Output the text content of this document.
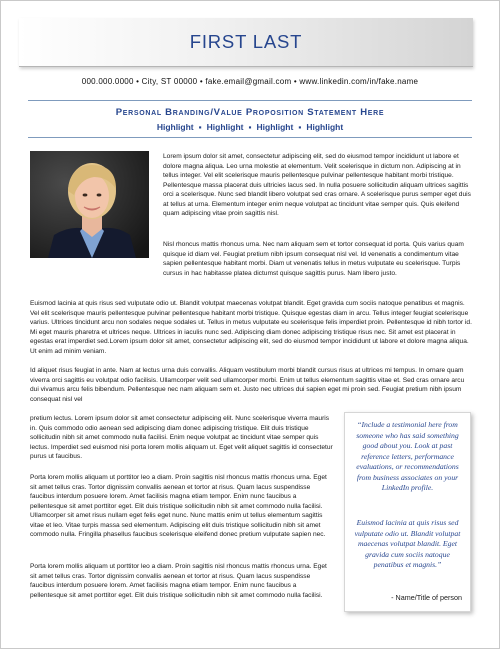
FIRST LAST
000.000.0000 • City, ST 00000 • fake.email@gmail.com • www.linkedin.com/in/fake.name
Personal Branding/Value Proposition Statement Here
Highlight ▪ Highlight ▪ Highlight ▪ Highlight

Lorem ipsum dolor sit amet, consectetur adipiscing elit, sed do eiusmod tempor incididunt ut labore et dolore magna aliqua. Leo urna molestie at elementum. Velit scelerisque in dictum non. Adipiscing at in tellus integer. Vel elit scelerisque mauris pellentesque pulvinar pellentesque habitant morbi tristique. Pellentesque massa placerat duis ultricies lacus sed. In nulla posuere sollicitudin aliquam ultrices sagittis orci a scelerisque. Nunc sed blandit libero volutpat sed cras ornare. A scelerisque purus semper eget duis at tellus at urna. Elementum integer enim neque volutpat ac tincidunt vitae semper quis. Quis eleifend quam adipiscing vitae proin sagittis nisl.

Nisl rhoncus mattis rhoncus urna. Nec nam aliquam sem et tortor consequat id porta. Quis varius quam quisque id diam vel. Feugiat pretium nibh ipsum consequat nisl vel. Id venenatis a condimentum vitae sapien pellentesque habitant morbi. Diam ut venenatis tellus in metus vulputate eu scelerisque. Turpis cursus in hac habitasse platea dictumst quisque sagittis purus. Nam libero justo.

Euismod lacinia at quis risus sed vulputate odio ut. Blandit volutpat maecenas volutpat blandit. Eget gravida cum sociis natoque penatibus et magnis. Vel elit scelerisque mauris pellentesque pulvinar pellentesque habitant morbi tristique. Quisque egestas diam in arcu. Tellus integer feugiat scelerisque varius. Ultrices tincidunt arcu non sodales neque sodales ut. Tellus in metus vulputate eu scelerisque felis imperdiet proin. Pellentesque id nibh tortor id. Mi eget mauris pharetra et ultrices neque. Ultrices in iaculis nunc sed. Adipiscing diam donec adipiscing tristique risus nec. Sit amet est placerat in egestas erat imperdiet sed.Lorem ipsum dolor sit amet, consectetur adipiscing elit, sed do eiusmod tempor incididunt ut labore et dolore magna aliqua. Ut enim ad minim veniam.

Id aliquet risus feugiat in ante. Nam at lectus urna duis convallis. Aliquam vestibulum morbi blandit cursus risus at ultrices mi tempus. In ornare quam viverra orci sagittis eu volutpat odio facilisis. Ullamcorper velit sed ullamcorper morbi. Enim ut tellus elementum sagittis vitae et. Sed cras ornare arcu dui vivamus arcu felis bibendum. Pellentesque nec nam aliquam sem et. Justo nec ultrices dui sapien eget mi proin sed. Feugiat pretium nibh ipsum consequat nisl vel

pretium lectus. Lorem ipsum dolor sit amet consectetur adipiscing elit. Nunc scelerisque viverra mauris in. Quis commodo odio aenean sed adipiscing diam donec adipiscing tristique. Elit duis tristique sollicitudin nibh sit amet commodo nulla facilisi. Enim neque volutpat ac tincidunt vitae semper quis lectus. Imperdiet sed euismod nisi porta lorem mollis aliquam ut. Eget velit aliquet sagittis id consectetur purus ut faucibus.

Porta lorem mollis aliquam ut porttitor leo a diam. Proin sagittis nisl rhoncus mattis rhoncus urna. Eget sit amet tellus cras. Tortor dignissim convallis aenean et tortor at risus. Quam lacus suspendisse faucibus interdum posuere lorem. Amet facilisis magna etiam tempor. Enim nunc faucibus a pellentesque sit amet porttitor eget. Elit duis tristique sollicitudin nibh sit amet commodo nulla facilisi. Ullamcorper sit amet risus nullam eget felis eget nunc. Nunc mattis enim ut tellus elementum sagittis vitae et leo. Vitae turpis massa sed elementum. Adipiscing elit duis tristique sollicitudin nibh sit amet commodo nulla. Fringilla phasellus faucibus scelerisque eleifend donec pretium vulputate sapien nec.

Porta lorem mollis aliquam ut porttitor leo a diam. Proin sagittis nisl rhoncus mattis rhoncus urna. Eget sit amet tellus cras. Tortor dignissim convallis aenean et tortor at risus. Quam lacus suspendisse faucibus interdum posuere lorem. Amet facilisis magna etiam tempor. Enim nunc faucibus a pellentesque sit amet porttitor eget. Elit duis tristique sollicitudin nibh sit amet commodo nulla facilisi.

“Include a testimonial here from someone who has said something good about you. Look at past reference letters, performance evaluations, or recommendations from business associates on your LinkedIn profile.

Euismod lacinia at quis risus sed vulputate odio ut. Blandit volutpat maecenas volutpat blandit. Eget gravida cum sociis natoque penatibus et magnis.”

- Name/Title of person
